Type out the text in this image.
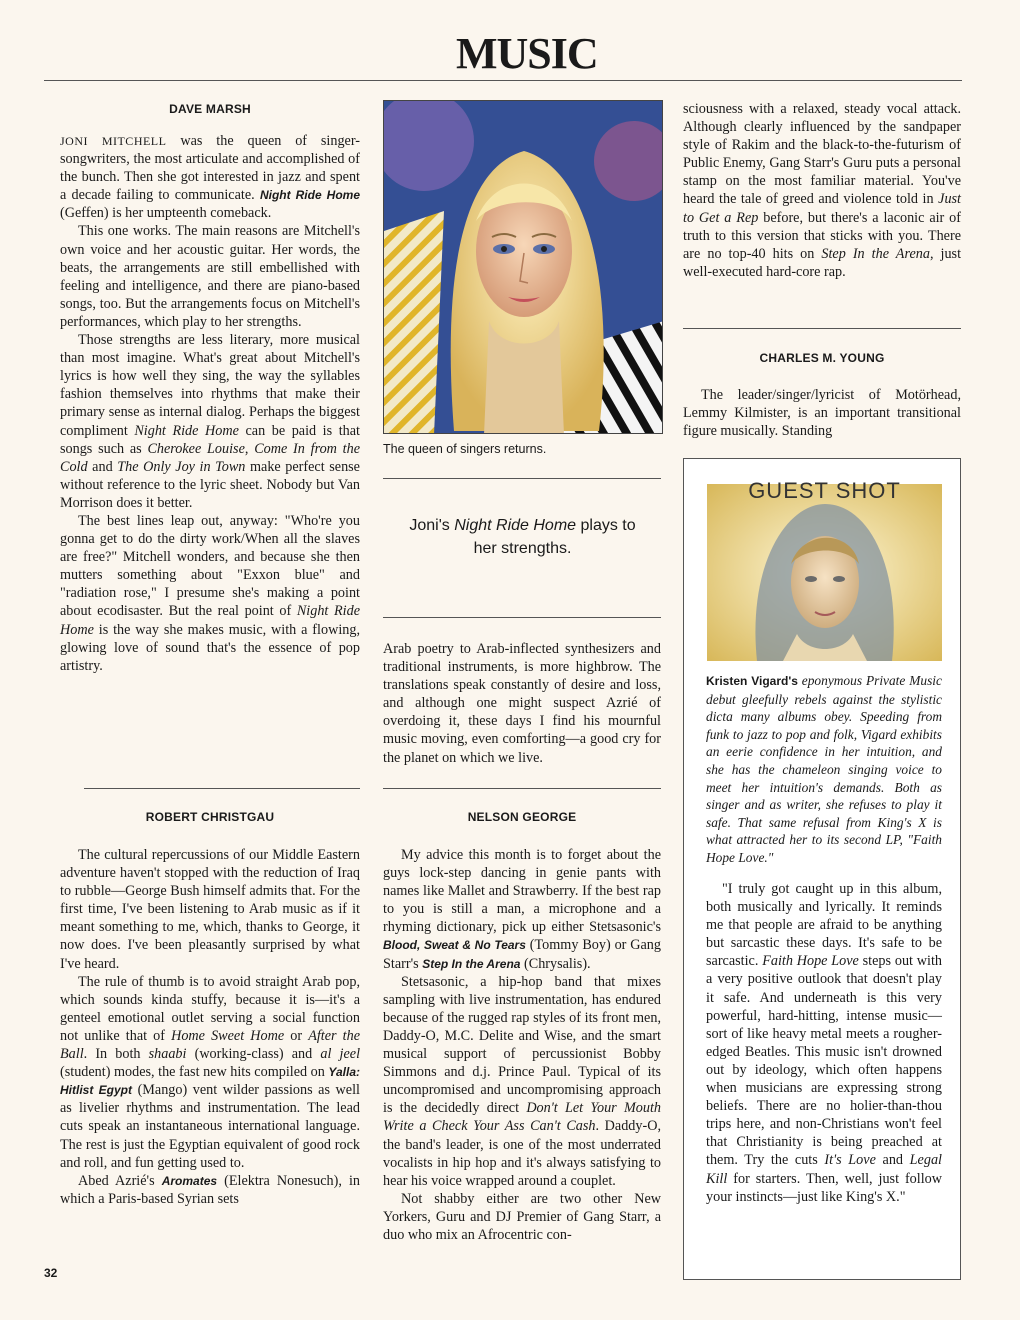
MUSIC
DAVE MARSH

JONI MITCHELL was the queen of singer-songwriters, the most articulate and accomplished of the bunch. Then she got interested in jazz and spent a decade failing to communicate. Night Ride Home (Geffen) is her umpteenth comeback.

This one works. The main reasons are Mitchell's own voice and her acoustic guitar. Her words, the beats, the arrangements are still embellished with feeling and intelligence, and there are piano-based songs, too. But the arrangements focus on Mitchell's performances, which play to her strengths.

Those strengths are less literary, more musical than most imagine. What's great about Mitchell's lyrics is how well they sing, the way the syllables fashion themselves into rhythms that make their primary sense as internal dialog. Perhaps the biggest compliment Night Ride Home can be paid is that songs such as Cherokee Louise, Come In from the Cold and The Only Joy in Town make perfect sense without reference to the lyric sheet. Nobody but Van Morrison does it better.

The best lines leap out, anyway: "Who're you gonna get to do the dirty work/When all the slaves are free?" Mitchell wonders, and because she then mutters something about "Exxon blue" and "radiation rose," I presume she's making a point about ecodisaster. But the real point of Night Ride Home is the way she makes music, with a flowing, glowing love of sound that's the essence of pop artistry.

The queen of singers returns.
Joni's Night Ride Home plays to her strengths.

Arab poetry to Arab-inflected synthesizers and traditional instruments, is more highbrow. The translations speak constantly of desire and loss, and although one might suspect Azrié of overdoing it, these days I find his mournful music moving, even comforting—a good cry for the planet on which we live.

ROBERT CHRISTGAU

The cultural repercussions of our Middle Eastern adventure haven't stopped with the reduction of Iraq to rubble—George Bush himself admits that. For the first time, I've been listening to Arab music as if it meant something to me, which, thanks to George, it now does. I've been pleasantly surprised by what I've heard.

The rule of thumb is to avoid straight Arab pop, which sounds kinda stuffy, because it is—it's a genteel emotional outlet serving a social function not unlike that of Home Sweet Home or After the Ball. In both shaabi (working-class) and al jeel (student) modes, the fast new hits compiled on Yalla: Hitlist Egypt (Mango) vent wilder passions as well as livelier rhythms and instrumentation. The lead cuts speak an instantaneous international language. The rest is just the Egyptian equivalent of good rock and roll, and fun getting used to.

Abed Azrié's Aromates (Elektra Nonesuch), in which a Paris-based Syrian sets

NELSON GEORGE

My advice this month is to forget about the guys lock-step dancing in genie pants with names like Mallet and Strawberry. If the best rap to you is still a man, a microphone and a rhyming dictionary, pick up either Stetsasonic's Blood, Sweat & No Tears (Tommy Boy) or Gang Starr's Step In the Arena (Chrysalis).

Stetsasonic, a hip-hop band that mixes sampling with live instrumentation, has endured because of the rugged rap styles of its front men, Daddy-O, M.C. Delite and Wise, and the smart musical support of percussionist Bobby Simmons and d.j. Prince Paul. Typical of its uncompromised and uncompromising approach is the decidedly direct Don't Let Your Mouth Write a Check Your Ass Can't Cash. Daddy-O, the band's leader, is one of the most underrated vocalists in hip hop and it's always satisfying to hear his voice wrapped around a couplet.

Not shabby either are two other New Yorkers, Guru and DJ Premier of Gang Starr, a duo who mix an Afrocentric con-

sciousness with a relaxed, steady vocal attack. Although clearly influenced by the sandpaper style of Rakim and the black-to-the-futurism of Public Enemy, Gang Starr's Guru puts a personal stamp on the most familiar material. You've heard the tale of greed and violence told in Just to Get a Rep before, but there's a laconic air of truth to this version that sticks with you. There are no top-40 hits on Step In the Arena, just well-executed hard-core rap.

CHARLES M. YOUNG

The leader/singer/lyricist of Motörhead, Lemmy Kilmister, is an important transitional figure musically. Standing

GUEST SHOT
Kristen Vigard's eponymous Private Music debut gleefully rebels against the stylistic dicta many albums obey. Speeding from funk to jazz to pop and folk, Vigard exhibits an eerie confidence in her intuition, and she has the chameleon singing voice to meet her intuition's demands. Both as singer and as writer, she refuses to play it safe. That same refusal from King's X is what attracted her to its second LP, "Faith Hope Love."

"I truly got caught up in this album, both musically and lyrically. It reminds me that people are afraid to be anything but sarcastic these days. It's safe to be sarcastic. Faith Hope Love steps out with a very positive outlook that doesn't play it safe. And underneath is this very powerful, hard-hitting, intense music—sort of like heavy metal meets a rougher-edged Beatles. This music isn't drowned out by ideology, which often happens when musicians are expressing strong beliefs. There are no holier-than-thou trips here, and non-Christians won't feel that Christianity is being preached at them. Try the cuts It's Love and Legal Kill for starters. Then, well, just follow your instincts—just like King's X."

32
